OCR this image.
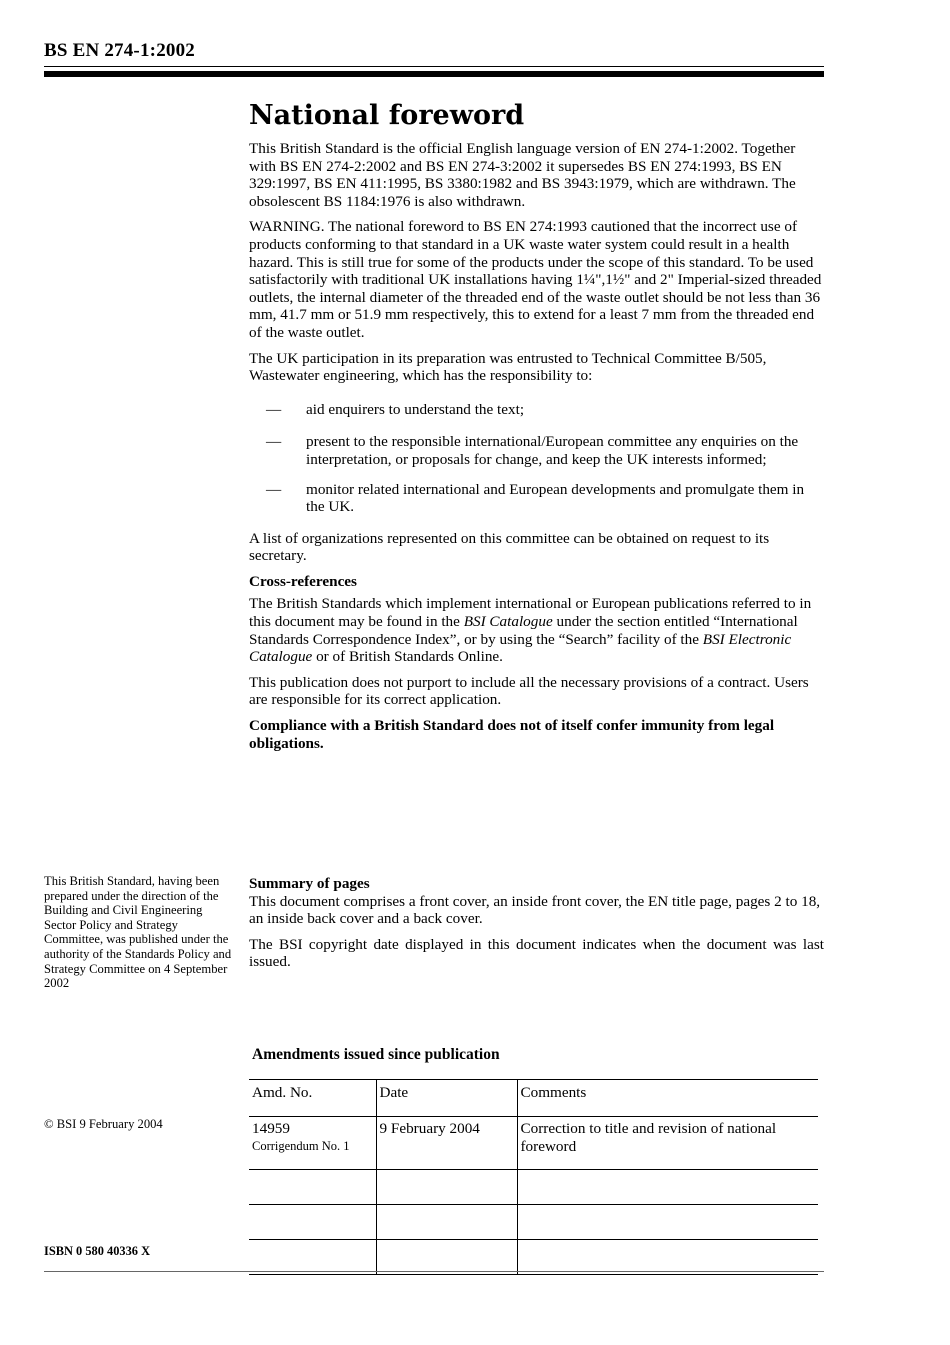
BS EN 274-1:2002
National foreword

This British Standard is the official English language version of EN 274-1:2002. Together with BS EN 274-2:2002 and BS EN 274-3:2002 it supersedes BS EN 274:1993, BS EN 329:1997, BS EN 411:1995, BS 3380:1982 and BS 3943:1979, which are withdrawn. The obsolescent BS 1184:1976 is also withdrawn.

WARNING. The national foreword to BS EN 274:1993 cautioned that the incorrect use of products conforming to that standard in a UK waste water system could result in a health hazard. This is still true for some of the products under the scope of this standard. To be used satisfactorily with traditional UK installations having 1¼",1½" and 2" Imperial-sized threaded outlets, the internal diameter of the threaded end of the waste outlet should be not less than 36 mm, 41.7 mm or 51.9 mm respectively, this to extend for a least 7 mm from the threaded end of the waste outlet.

The UK participation in its preparation was entrusted to Technical Committee B/505, Wastewater engineering, which has the responsibility to:

— aid enquirers to understand the text;
— present to the responsible international/European committee any enquiries on the interpretation, or proposals for change, and keep the UK interests informed;
— monitor related international and European developments and promulgate them in the UK.

A list of organizations represented on this committee can be obtained on request to its secretary.

Cross-references

The British Standards which implement international or European publications referred to in this document may be found in the BSI Catalogue under the section entitled “International Standards Correspondence Index”, or by using the “Search” facility of the BSI Electronic Catalogue or of British Standards Online.

This publication does not purport to include all the necessary provisions of a contract. Users are responsible for its correct application.

Compliance with a British Standard does not of itself confer immunity from legal obligations.

Summary of pages

This document comprises a front cover, an inside front cover, the EN title page, pages 2 to 18, an inside back cover and a back cover.

The BSI copyright date displayed in this document indicates when the document was last issued.

This British Standard, having been prepared under the direction of the Building and Civil Engineering Sector Policy and Strategy Committee, was published under the authority of the Standards Policy and Strategy Committee on 4 September 2002
© BSI 9 February 2004
ISBN 0 580 40336 X
Amendments issued since publication
Amd. No.	Date	Comments
14959
Corrigendum No. 1	9 February 2004	Correction to title and revision of national foreword
